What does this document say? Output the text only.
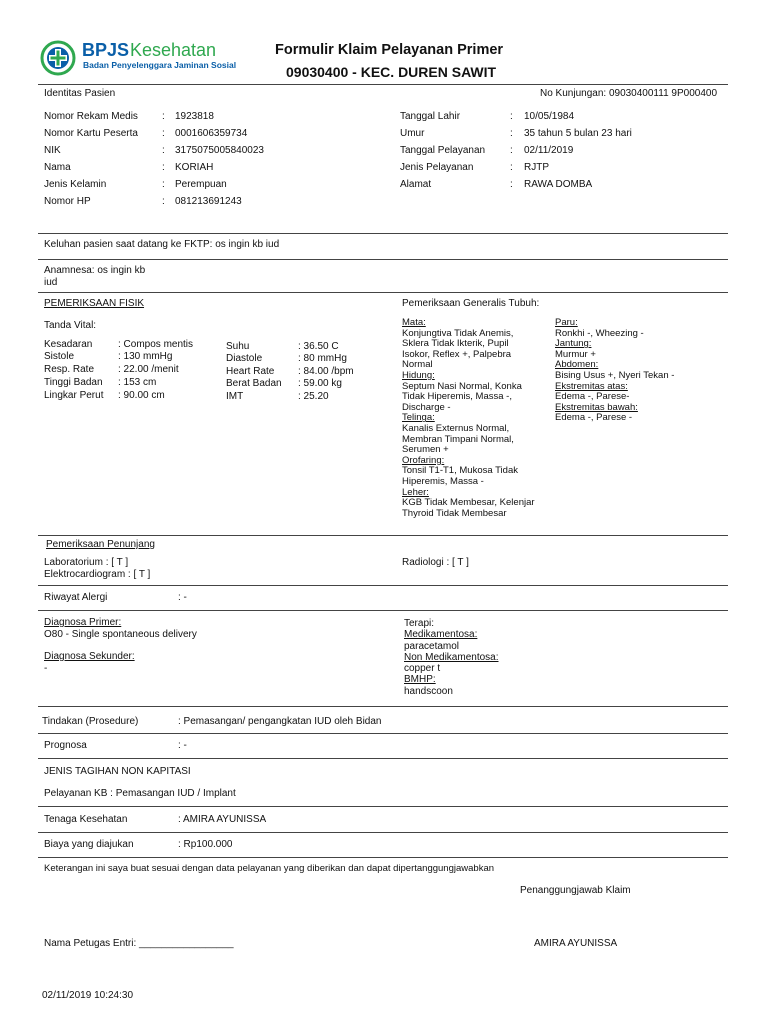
BPJS Kesehatan
Badan Penyelenggara Jaminan Sosial
Formulir Klaim Pelayanan Primer
09030400 - KEC. DUREN SAWIT
Identitas Pasien	No Kunjungan: 09030400111 9P000400
Nomor Rekam Medis : 1923818
Nomor Kartu Peserta : 0001606359734
NIK	: 3175075005840023
Nama	: KORIAH
Jenis Kelamin	: Perempuan
Nomor HP	: 081213691243
Tanggal Lahir	: 10/05/1984
Umur	: 35 tahun 5 bulan 23 hari
Tanggal Pelayanan : 02/11/2019
Jenis Pelayanan	: RJTP
Alamat	: RAWA DOMBA
Keluhan pasien saat datang ke FKTP: os ingin kb iud
Anamnesa: os ingin kb
iud
PEMERIKSAAN FISIK
Tanda Vital:
Kesadaran	: Compos mentis
Sistole	: 130 mmHg
Resp. Rate : 22.00 /menit
Tinggi Badan : 153 cm
Lingkar Perut : 90.00 cm
Suhu	: 36.50 C
Diastole	: 80 mmHg
Heart Rate : 84.00 /bpm
Berat Badan : 59.00 kg
IMT	: 25.20
Pemeriksaan Generalis Tubuh:
Mata:
Konjungtiva Tidak Anemis,
Sklera Tidak Ikterik, Pupil
Isokor, Reflex +, Palpebra
Normal
Hidung:
Septum Nasi Normal, Konka
Tidak Hiperemis, Massa -,
Discharge -
Telinga:
Kanalis Externus Normal,
Membran Timpani Normal,
Serumen +
Orofaring:
Tonsil T1-T1, Mukosa Tidak
Hiperemis, Massa -
Leher:
KGB Tidak Membesar, Kelenjar
Thyroid Tidak Membesar
Paru:
Ronkhi -, Wheezing -
Jantung:
Murmur +
Abdomen:
Bising Usus +, Nyeri Tekan -
Ekstremitas atas:
Edema -, Parese-
Ekstremitas bawah:
Edema -, Parese -
Pemeriksaan Penunjang
Laboratorium : [ T ]
Elektrocardiogram : [ T ]
Radiologi : [ T ]
Riwayat Alergi	: -
Diagnosa Primer:
O80 - Single spontaneous delivery
Diagnosa Sekunder:
-
Terapi:
Medikamentosa:
paracetamol
Non Medikamentosa:
copper t
BMHP:
handscoon
Tindakan (Prosedure)	: Pemasangan/ pengangkatan IUD oleh Bidan
Prognosa	: -
JENIS TAGIHAN NON KAPITASI
Pelayanan KB : Pemasangan IUD / Implant
Tenaga Kesehatan	: AMIRA AYUNISSA
Biaya yang diajukan	: Rp100.000
Keterangan ini saya buat sesuai dengan data pelayanan yang diberikan dan dapat dipertanggungjawabkan
Penanggungjawab Klaim
Nama Petugas Entri: _________________	AMIRA AYUNISSA
02/11/2019 10:24:30
